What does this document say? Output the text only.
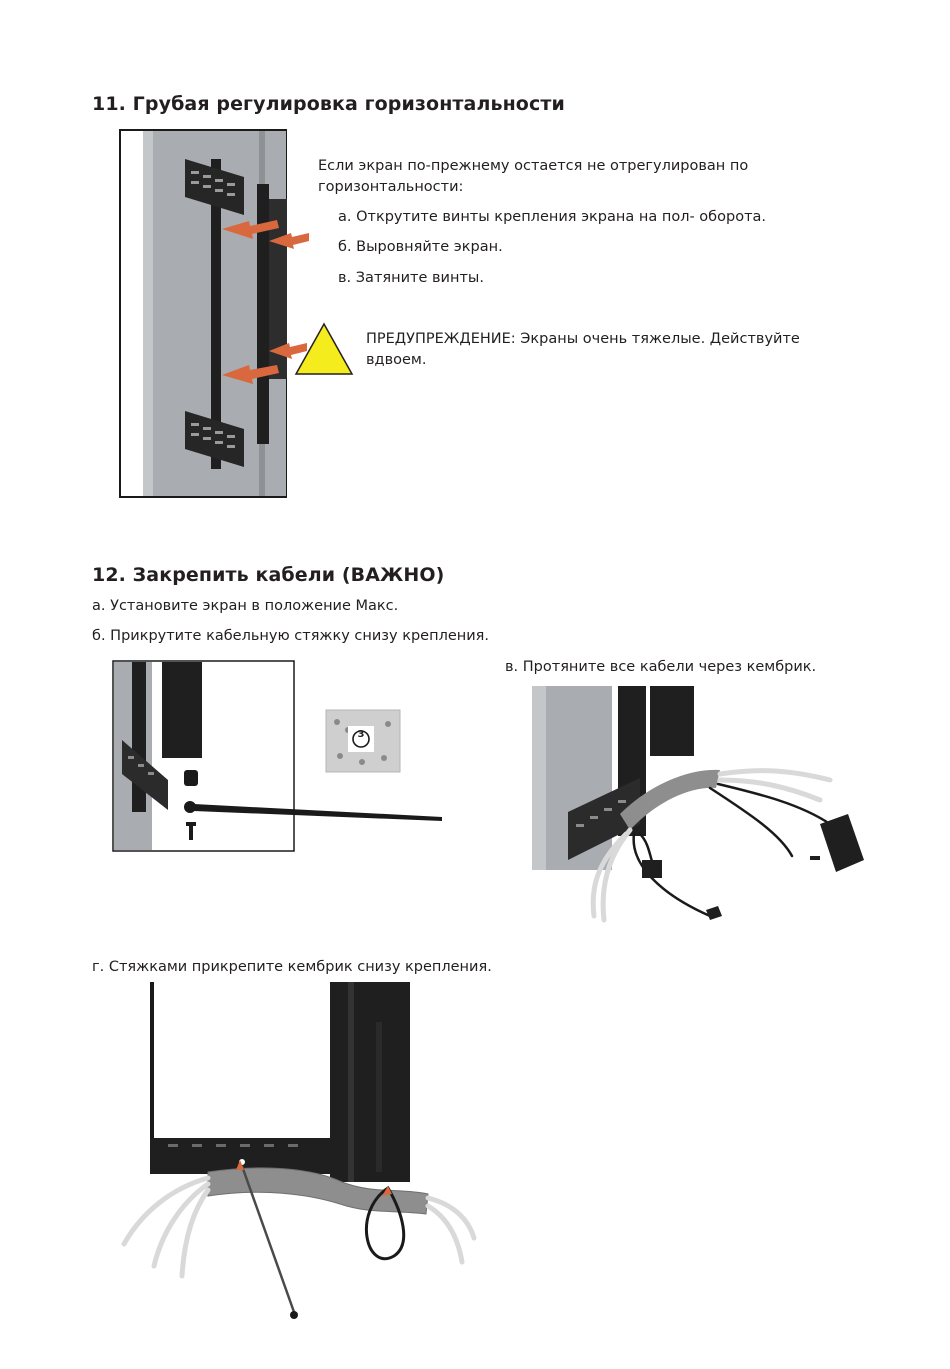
11. Грубая регулировка горизонтальности

Если экран по-прежнему остается не отрегулирован по горизонтальности:

а. Открутите винты крепления экрана на пол- оборота.

б. Выровняйте экран.

в. Затяните винты.

ПРЕДУПРЕЖДЕНИЕ: Экраны очень тяжелые. Действуйте вдвоем.

12. Закрепить кабели (ВАЖНО)

а. Установите экран в положение Макс.

б. Прикрутите кабельную стяжку снизу крепления.

3

в. Протяните все кабели через кембрик.

г. Стяжками прикрепите кембрик снизу крепления.
